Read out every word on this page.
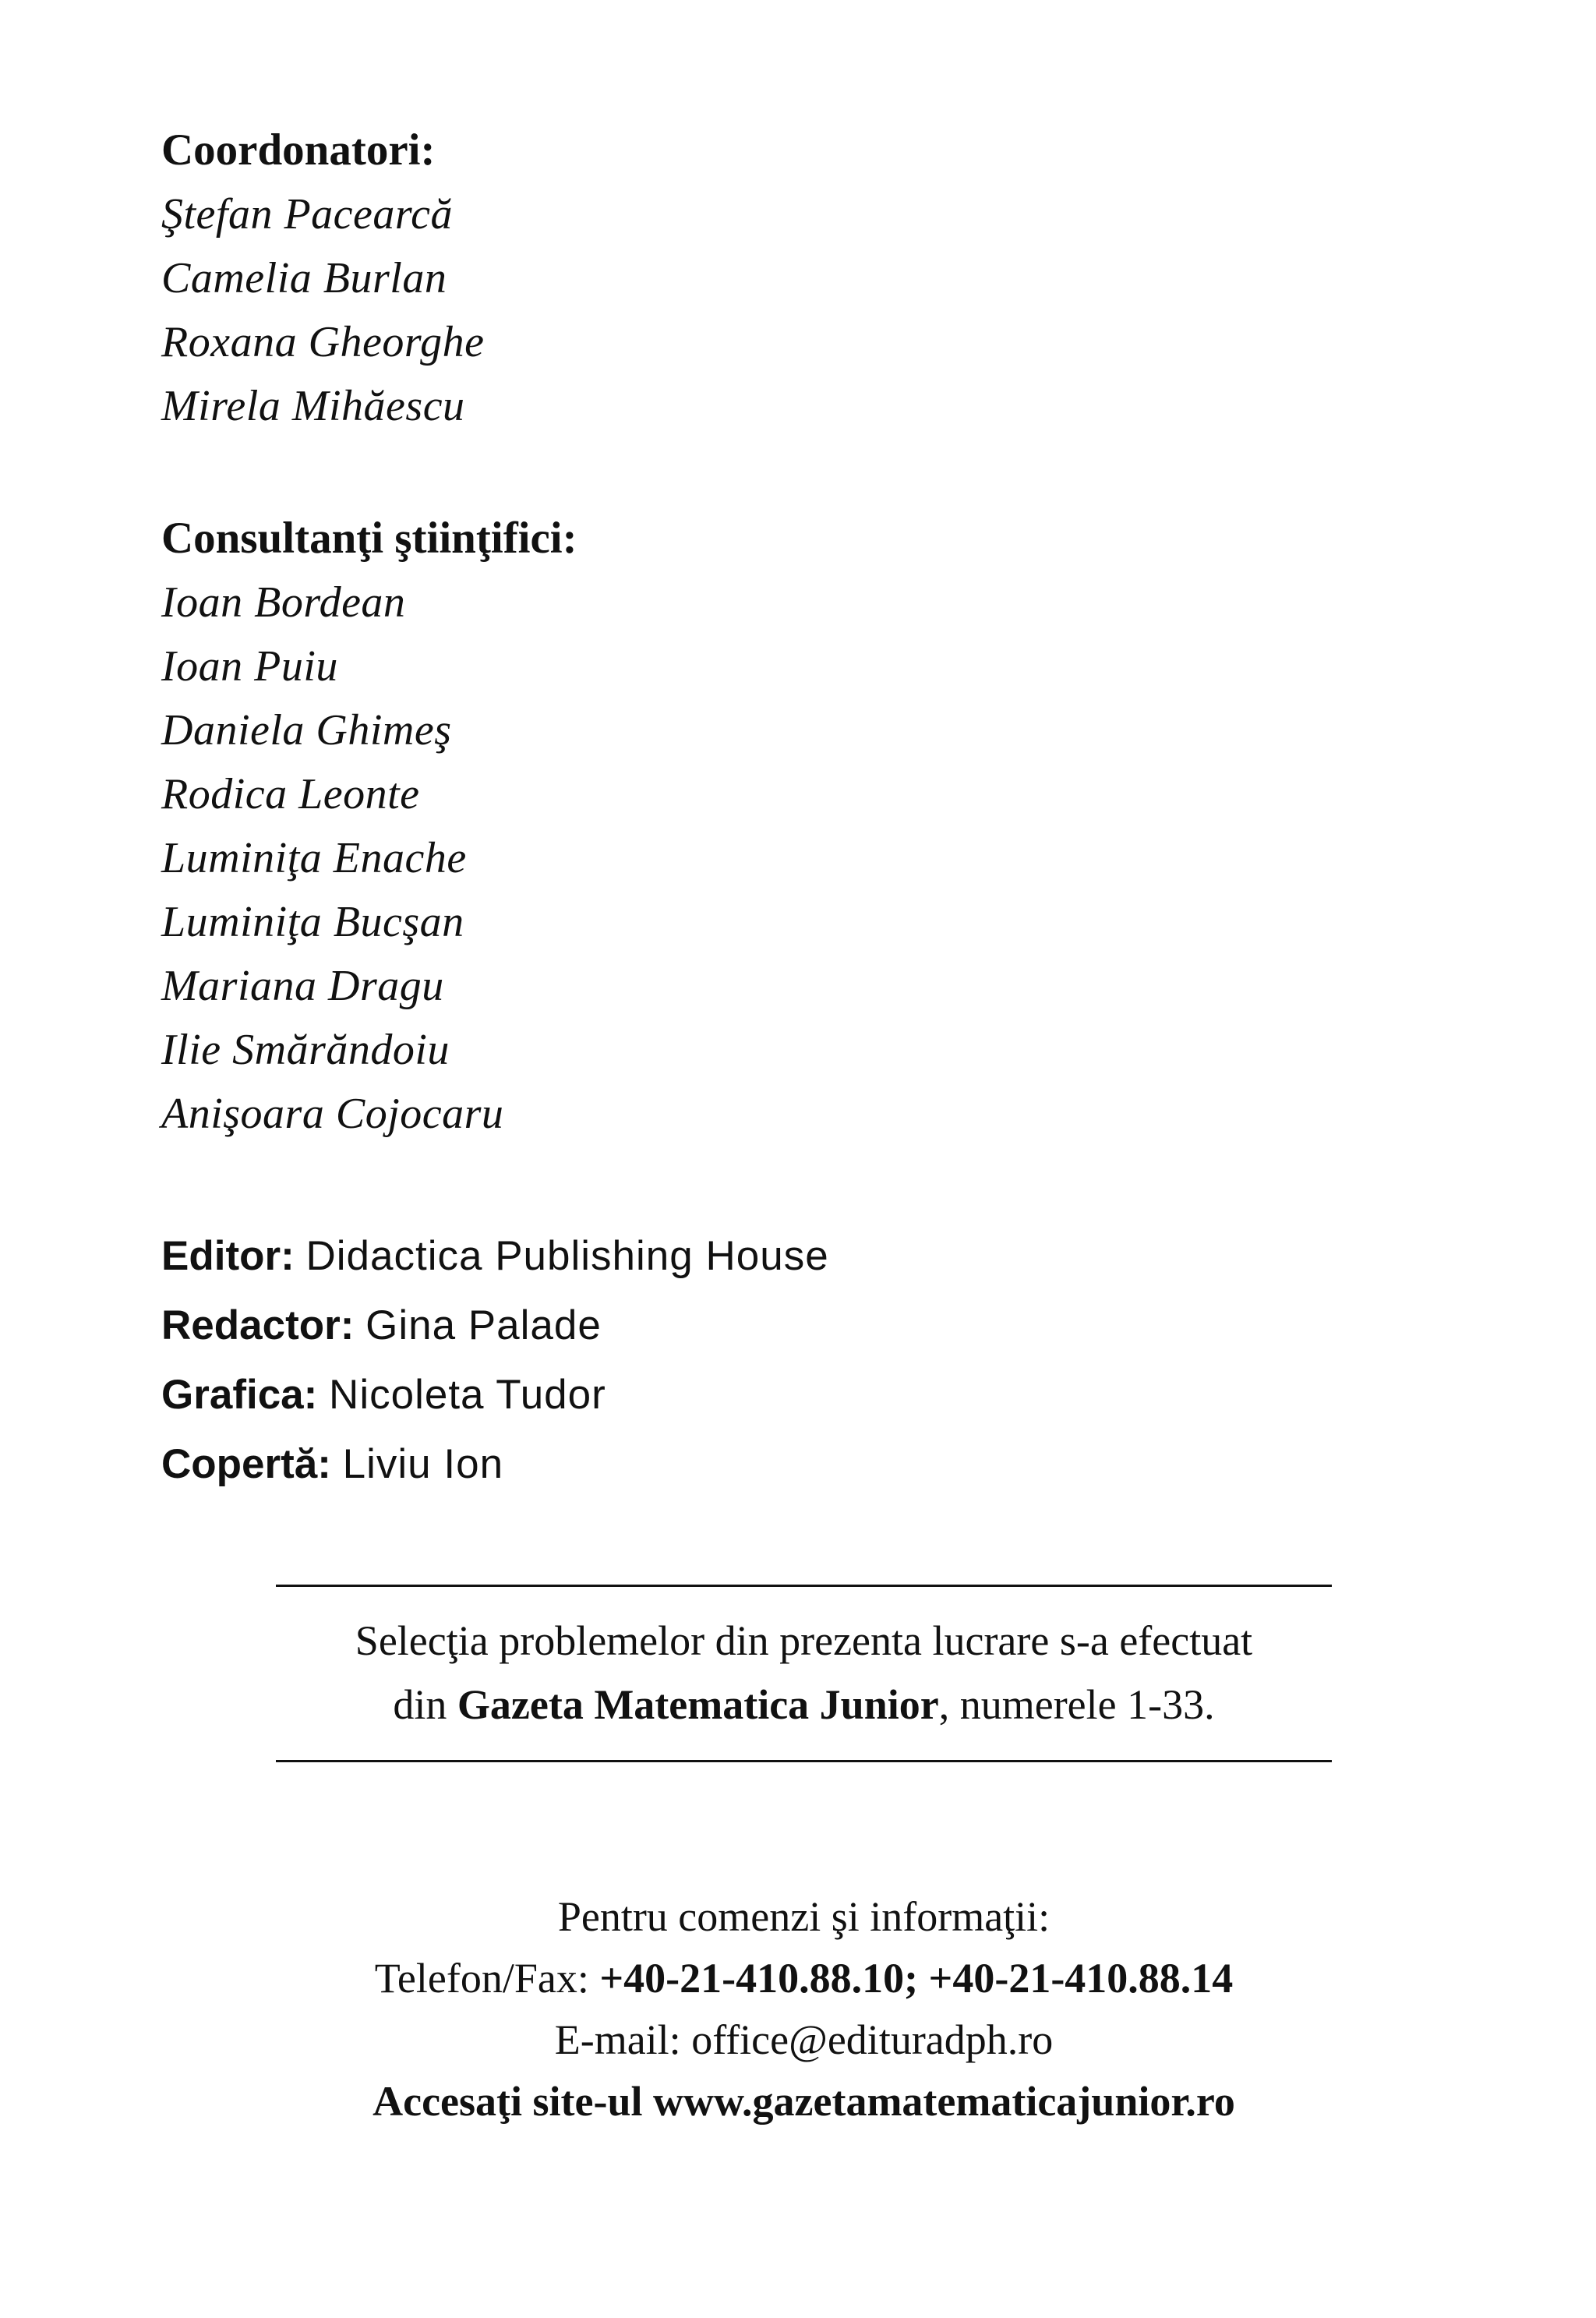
Coordonatori:

Ştefan Pacearcă

Camelia Burlan

Roxana Gheorghe

Mirela Mihăescu

Consultanţi ştiinţifici:

Ioan Bordean

Ioan Puiu

Daniela Ghimeş

Rodica Leonte

Luminiţa Enache

Luminiţa Bucşan

Mariana Dragu

Ilie Smărăndoiu

Anişoara Cojocaru

Editor: Didactica Publishing House

Redactor: Gina Palade

Grafica: Nicoleta Tudor

Copertă: Liviu Ion

Selecţia problemelor din prezenta lucrare s-a efectuat

din Gazeta Matematica Junior, numerele 1-33.

Pentru comenzi şi informaţii:

Telefon/Fax: +40-21-410.88.10; +40-21-410.88.14

E-mail: office@edituradph.ro

Accesaţi site-ul www.gazetamatematicajunior.ro
